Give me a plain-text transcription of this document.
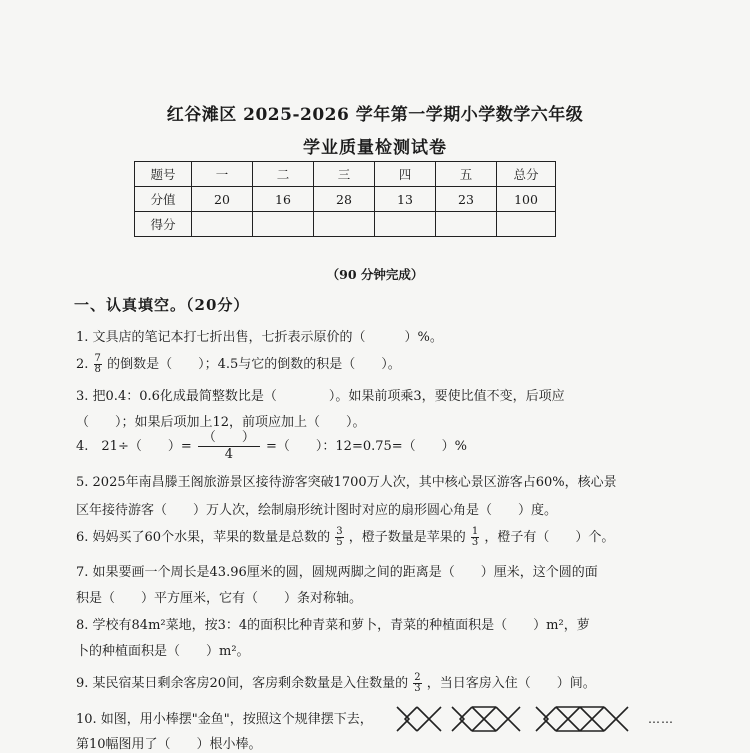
红谷滩区 2025-2026 学年第一学期小学数学六年级
学业质量检测试卷
题号	一	二	三	四	五	总分
分值	20	16	28	13	23	100
得分						
（90 分钟完成）
一、认真填空。（20分）
1. 文具店的笔记本打七折出售，七折表示原价的（　　　）%。
2. $\frac{7}{8}$ 的倒数是（　　）；4.5与它的倒数的积是（　　）。
3. 把0.4：0.6化成最简整数比是（　　　　）。如果前项乘3，要使比值不变，后项应
（　　）；如果后项加上12，前项应加上（　　）。
4.　21÷（　　）=
（　　）
4
=（　　）：12=0.75=（　　）%
5. 2025年南昌滕王阁旅游景区接待游客突破1700万人次，其中核心景区游客占60%，核心景
区年接待游客（　　）万人次，绘制扇形统计图时对应的扇形圆心角是（　　）度。
6. 妈妈买了60个水果，苹果的数量是总数的 $\frac{3}{5}$ ，橙子数量是苹果的 $\frac{1}{3}$ ，橙子有（　　）个。
7. 如果要画一个周长是43.96厘米的圆，圆规两脚之间的距离是（　　）厘米，这个圆的面
积是（　　）平方厘米，它有（　　）条对称轴。
8. 学校有84m²菜地，按3：4的面积比种青菜和萝卜，青菜的种植面积是（　　）m²，萝
卜的种植面积是（　　）m²。
9. 某民宿某日剩余客房20间，客房剩余数量是入住数量的 $\frac{2}{3}$ ，当日客房入住（　　）间。
10. 如图，用小棒摆"金鱼"，按照这个规律摆下去，
第10幅图用了（　　）根小棒。
……
